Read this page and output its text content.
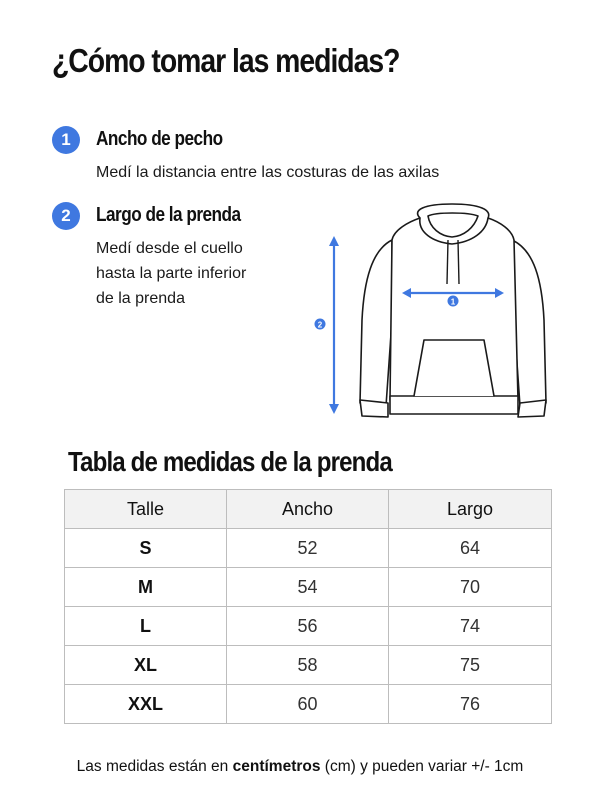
¿Cómo tomar las medidas?
1	Ancho de pecho

Medí la distancia entre las costuras de las axilas

2	Largo de la prenda

Medí desde el cuello
hasta la parte inferior
de la prenda	1
2
Tabla de medidas de la prenda
Talle	Ancho	Largo
S	52	64
M	54	70
L	56	74
XL	58	75
XXL	60	76

Las medidas están en centímetros (cm) y pueden variar +/- 1cm
